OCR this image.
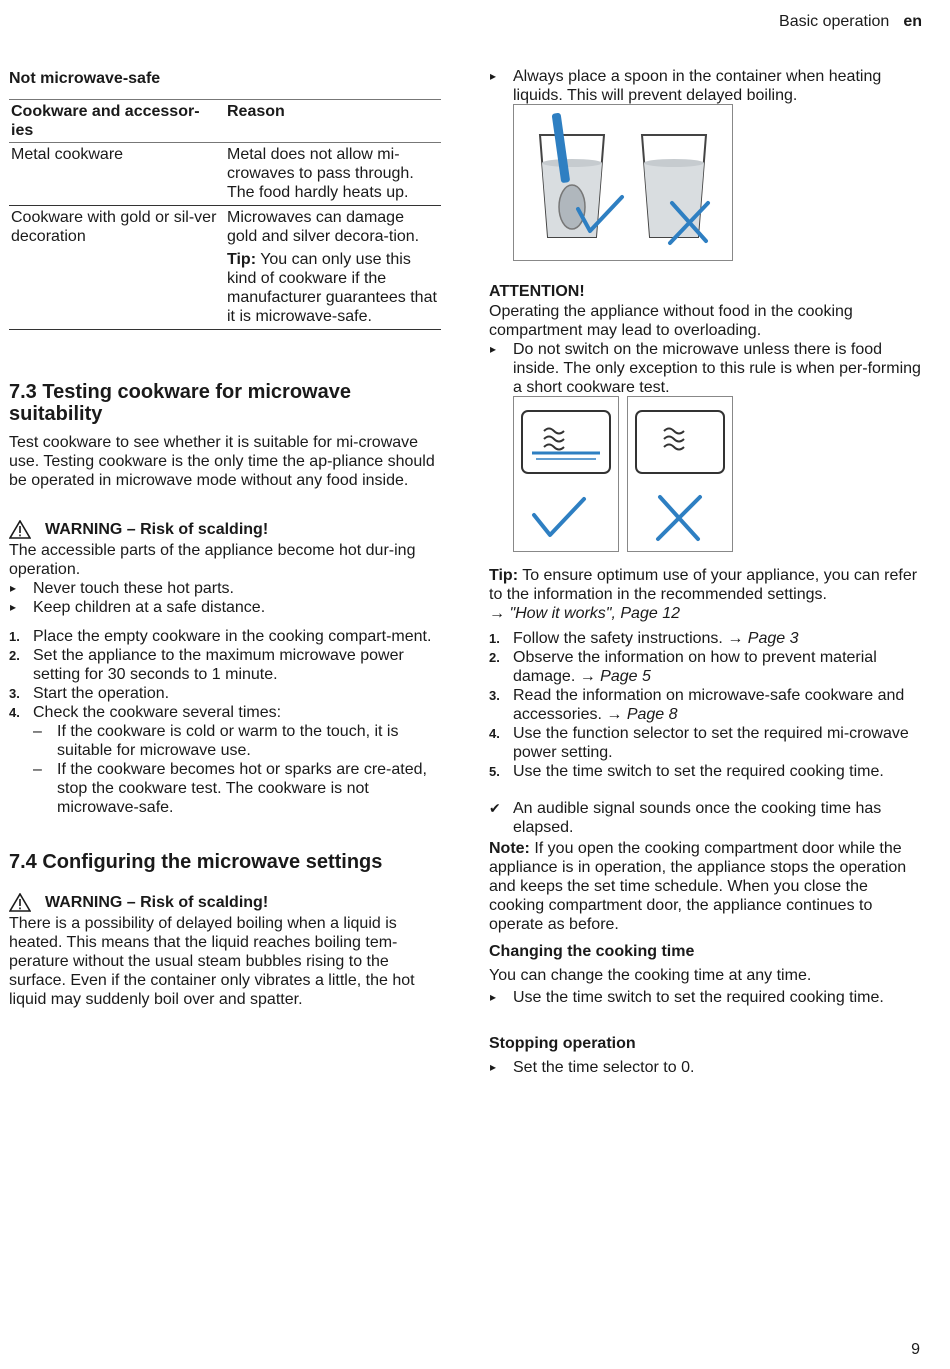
Basic operation en
Not microwave-safe
Cookware and accessor-ies	Reason
Metal cookware	Metal does not allow mi-crowaves to pass through. The food hardly heats up.
Cookware with gold or sil-ver decoration	Microwaves can damage gold and silver decora-tion.
Tip: You can only use this kind of cookware if the manufacturer guarantees that it is microwave-safe.
7.3 Testing cookware for microwave suitability

Test cookware to see whether it is suitable for mi-crowave use. Testing cookware is the only time the ap-pliance should be operated in microwave mode without any food inside.

WARNING – Risk of scalding!

The accessible parts of the appliance become hot dur-ing operation.

▸ Never touch these hot parts.
▸ Keep children at a safe distance.
1. Place the empty cookware in the cooking compart-ment.
2. Set the appliance to the maximum microwave power setting for 30 seconds to 1 minute.
3. Start the operation.
4. Check the cookware several times:
– If the cookware is cold or warm to the touch, it is suitable for microwave use.
– If the cookware becomes hot or sparks are cre-ated, stop the cookware test. The cookware is not microwave-safe.
7.4 Configuring the microwave settings
WARNING – Risk of scalding!

There is a possibility of delayed boiling when a liquid is heated. This means that the liquid reaches boiling tem-perature without the usual steam bubbles rising to the surface. Even if the container only vibrates a little, the hot liquid may suddenly boil over and spatter.

▸ Always place a spoon in the container when heating liquids. This will prevent delayed boiling.
ATTENTION!

Operating the appliance without food in the cooking compartment may lead to overloading.

▸ Do not switch on the microwave unless there is food inside. The only exception to this rule is when per-forming a short cookware test.

Tip: To ensure optimum use of your appliance, you can refer to the information in the recommended settings.
→ "How it works", Page 12

1. Follow the safety instructions. → Page 3
2. Observe the information on how to prevent material damage. → Page 5
3. Read the information on microwave-safe cookware and accessories. → Page 8
4. Use the function selector to set the required mi-crowave power setting.
5. Use the time switch to set the required cooking time.

✔ An audible signal sounds once the cooking time has elapsed.

Note: If you open the cooking compartment door while the appliance is in operation, the appliance stops the operation and keeps the set time schedule. When you close the cooking compartment door, the appliance continues to operate as before.

Changing the cooking time

You can change the cooking time at any time.

▸ Use the time switch to set the required cooking time.
Stopping operation
▸ Set the time selector to 0.
9
